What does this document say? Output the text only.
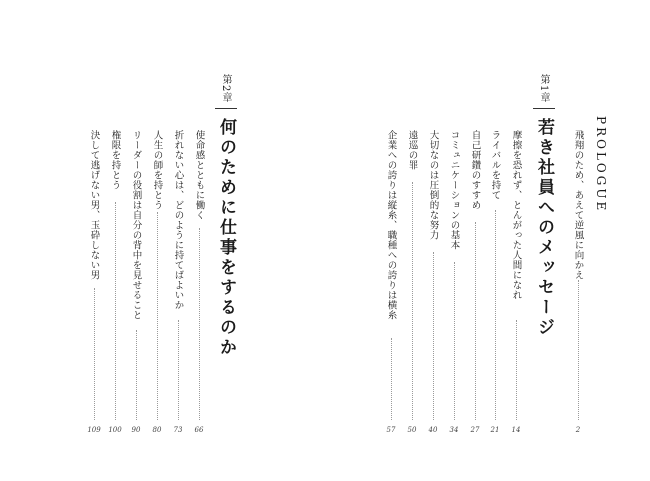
PROLOGUE
飛翔のため、あえて逆風に向かえ
2
第1章
若き社員へのメッセージ
摩擦を恐れず、とんがった人間になれ
14
ライバルを持て
21
自己研鑽のすすめ
27
コミュニケーションの基本
34
大切なのは圧倒的な努力
40
遠巡の罪
50
企業への誇りは縦糸、職種への誇りは横糸
57
第2章
何のために仕事をするのか
使命感とともに働く
66
折れない心は、どのように持てばよいか
73
人生の師を持とう
80
リーダーの役割は自分の背中を見せること
90
権限を持とう
100
決して逃げない男、玉砕しない男
109
